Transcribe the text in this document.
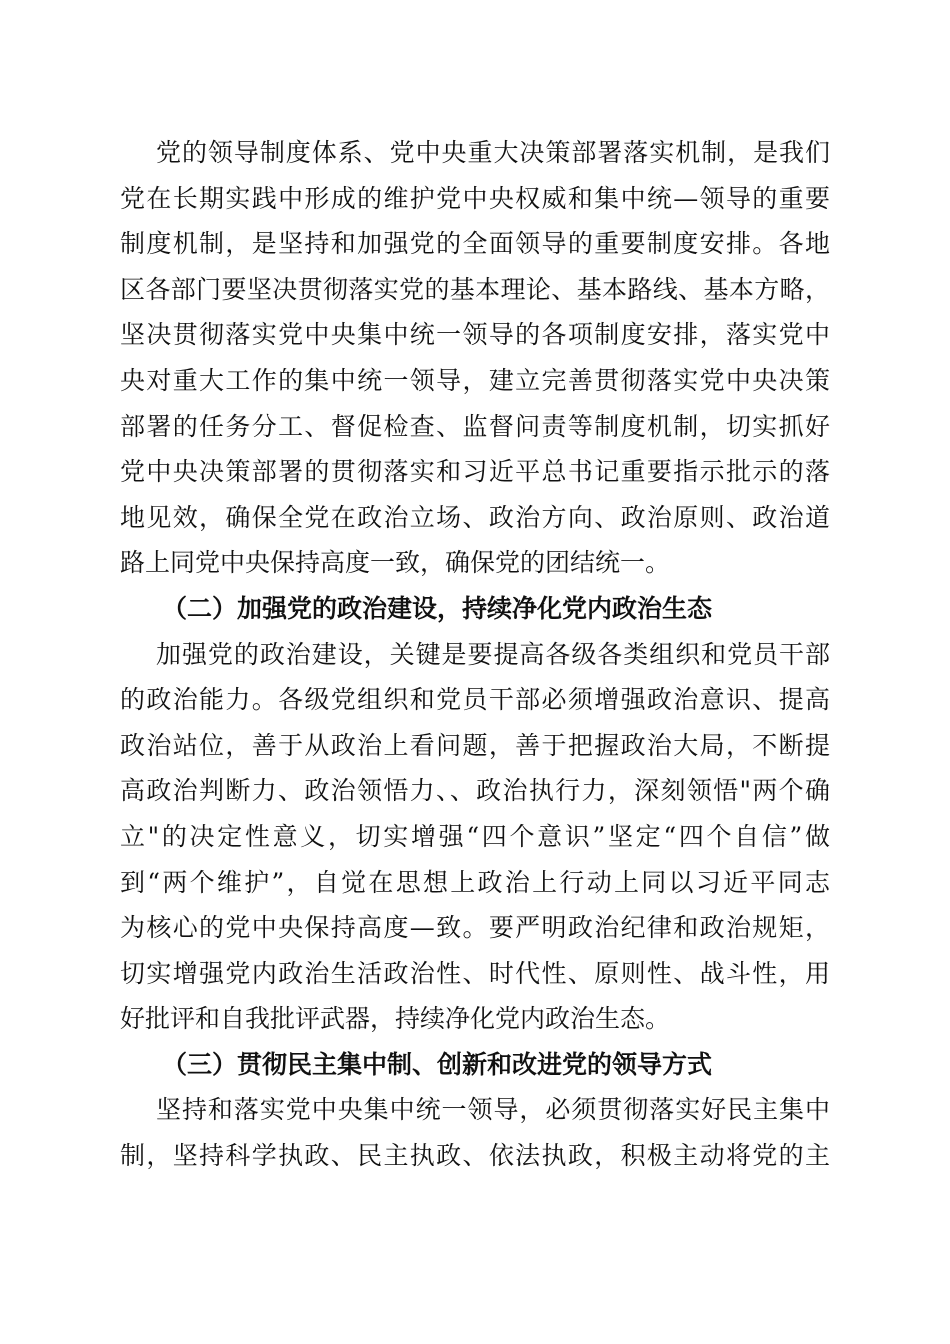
党的领导制度体系、党中央重大决策部署落实机制，是我们
党在长期实践中形成的维护党中央权威和集中统—领导的重要
制度机制，是坚持和加强党的全面领导的重要制度安排。各地
区各部门要坚决贯彻落实党的基本理论、基本路线、基本方略，
坚决贯彻落实党中央集中统一领导的各项制度安排，落实党中
央对重大工作的集中统一领导，建立完善贯彻落实党中央决策
部署的任务分工、督促检查、监督问责等制度机制，切实抓好
党中央决策部署的贯彻落实和习近平总书记重要指示批示的落
地见效，确保全党在政治立场、政治方向、政治原则、政治道
路上同党中央保持高度一致，确保党的团结统一。
（二）加强党的政治建设，持续净化党内政治生态
加强党的政治建设，关键是要提高各级各类组织和党员干部
的政治能力。各级党组织和党员干部必须增强政治意识、提高
政治站位，善于从政治上看问题，善于把握政治大局，不断提
高政治判断力、政治领悟力、、政治执行力，深刻领悟"两个确
立"的决定性意义，切实增强“四个意识”坚定“四个自信”做
到“两个维护”，自觉在思想上政治上行动上同以习近平同志
为核心的党中央保持高度—致。要严明政治纪律和政治规矩，
切实增强党内政治生活政治性、时代性、原则性、战斗性，用
好批评和自我批评武器，持续净化党内政治生态。
（三）贯彻民主集中制、创新和改进党的领导方式
坚持和落实党中央集中统一领导，必须贯彻落实好民主集中
制，坚持科学执政、民主执政、依法执政，积极主动将党的主
